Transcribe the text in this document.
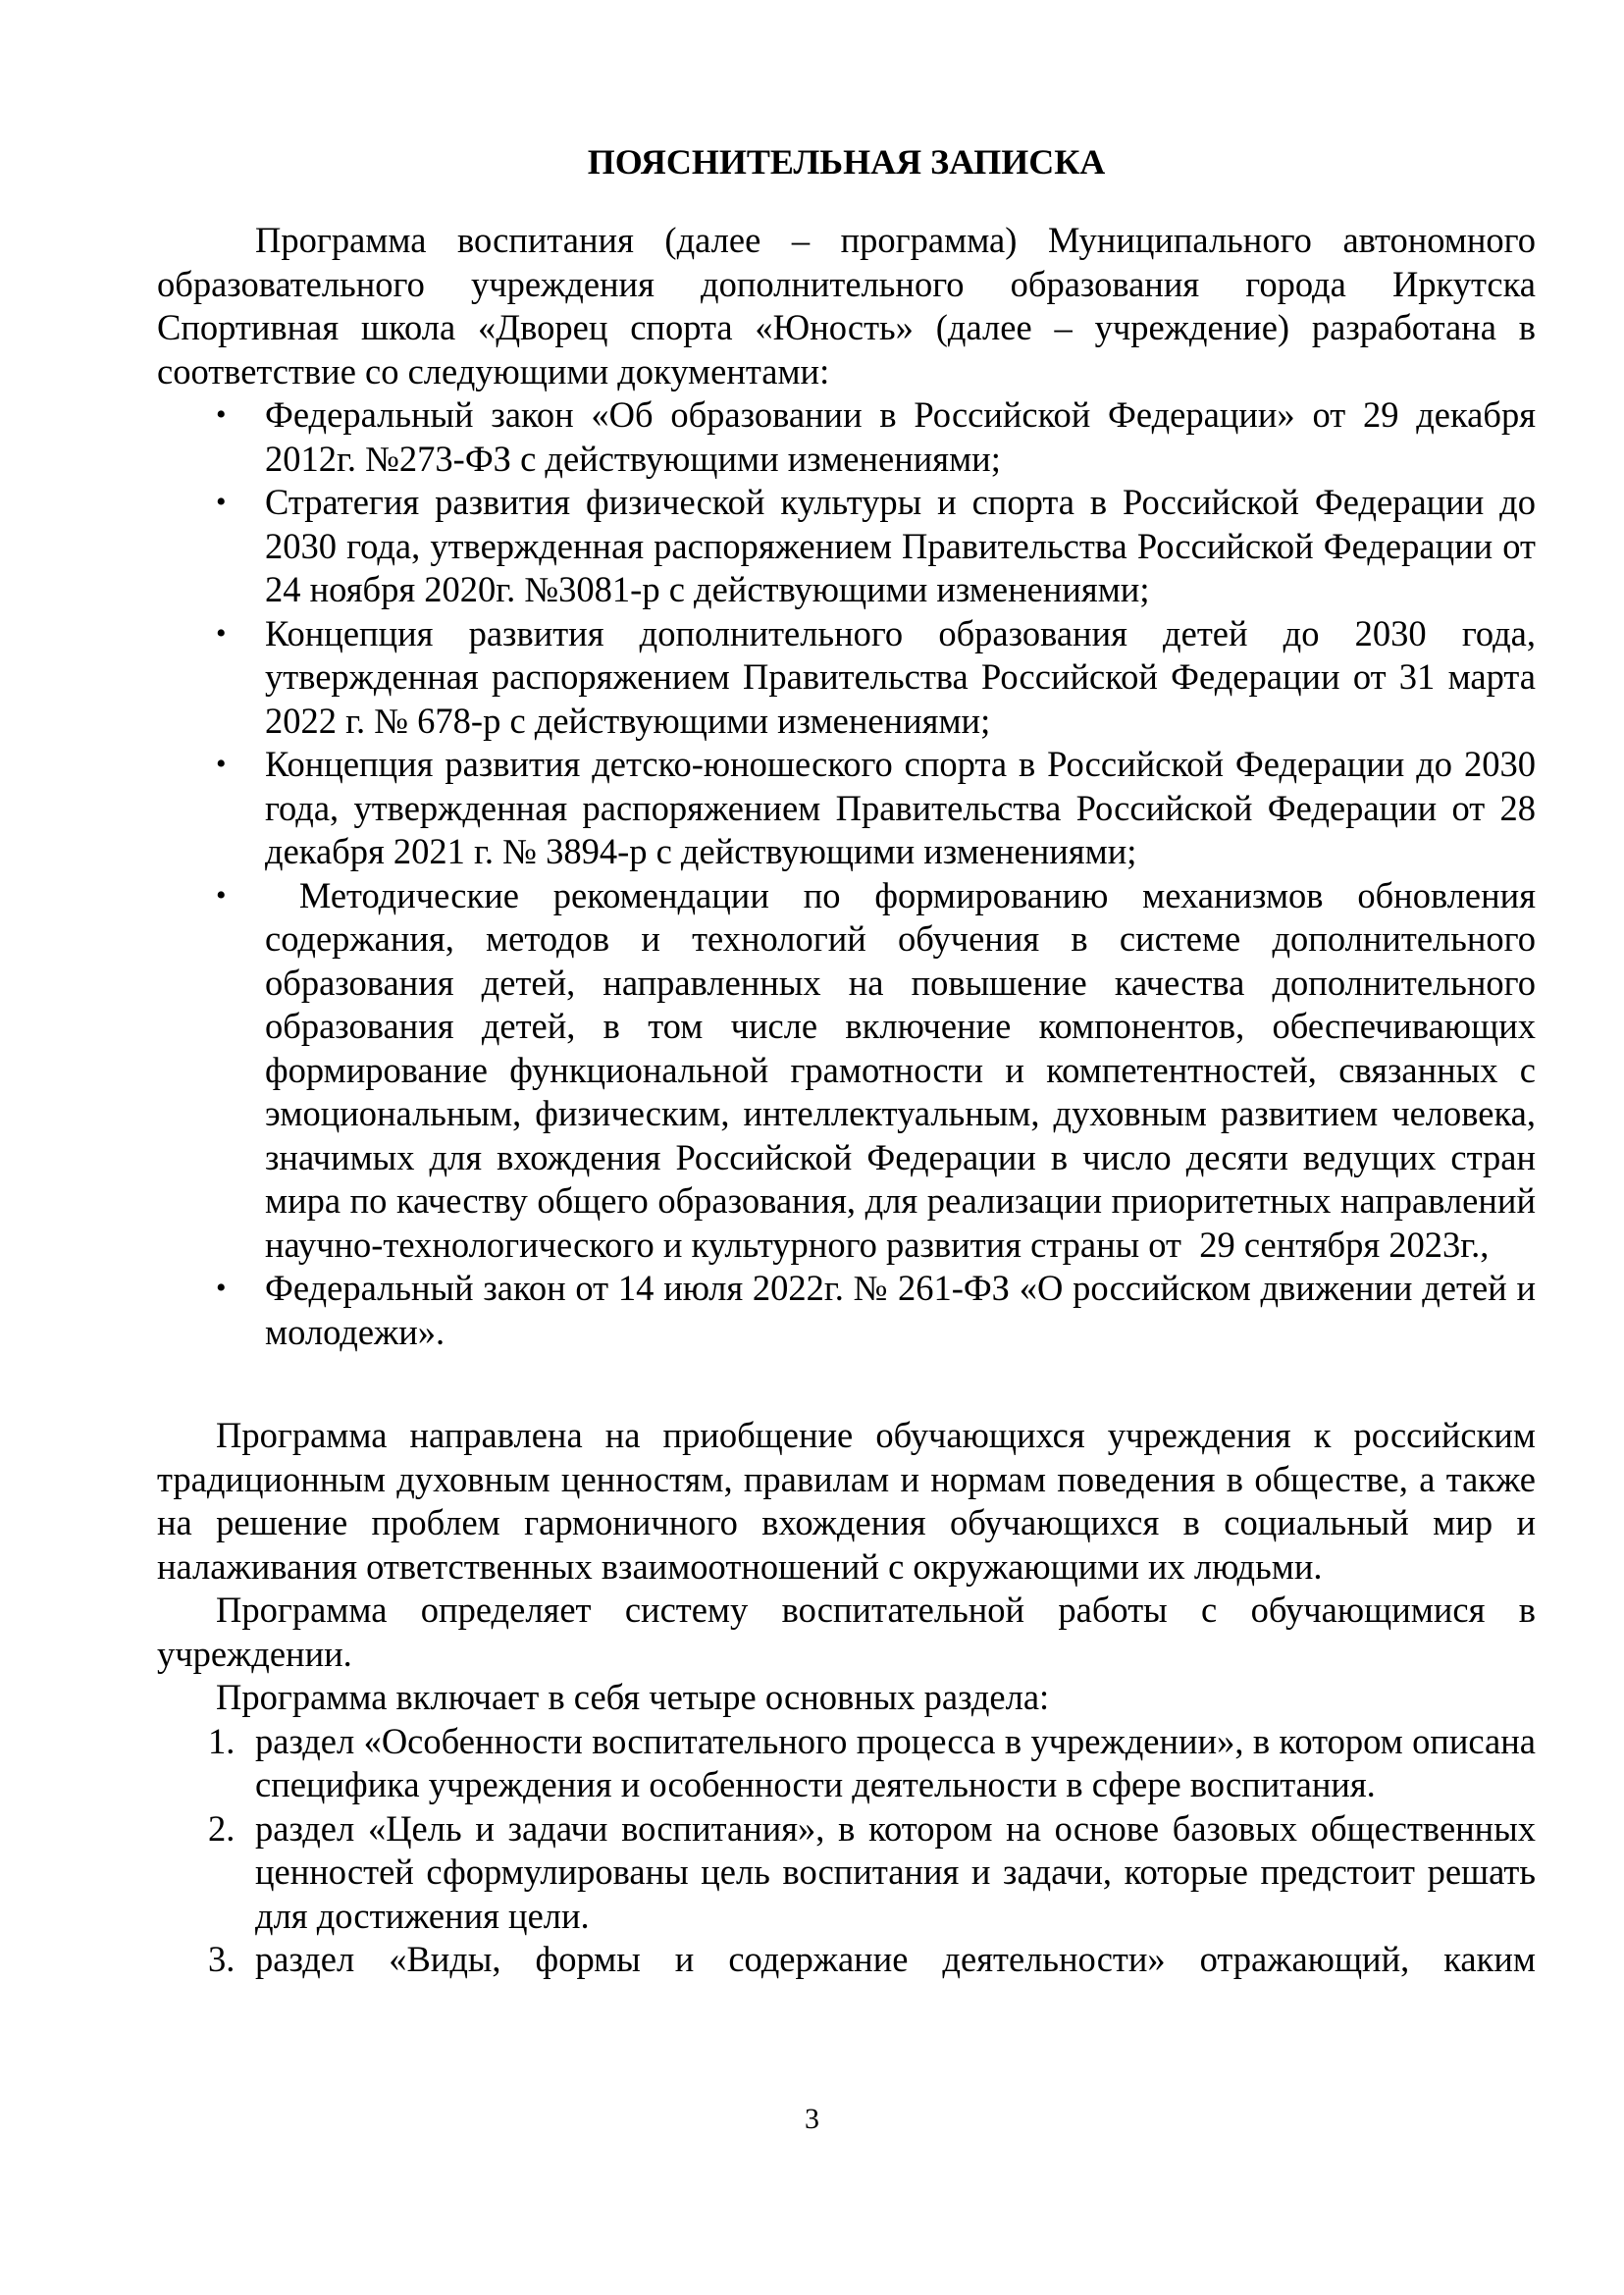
ПОЯСНИТЕЛЬНАЯ ЗАПИСКА

Программа воспитания (далее – программа) Муниципального автономного образовательного учреждения дополнительного образования города Иркутска Спортивная школа «Дворец спорта «Юность» (далее – учреждение) разработана в соответствие со следующими документами:

• Федеральный закон «Об образовании в Российской Федерации» от 29 декабря 2012г. №273-ФЗ с действующими изменениями;
• Стратегия развития физической культуры и спорта в Российской Федерации до 2030 года, утвержденная распоряжением Правительства Российской Федерации от 24 ноября 2020г. №3081-р с действующими изменениями;
• Концепция развития дополнительного образования детей до 2030 года, утвержденная распоряжением Правительства Российской Федерации от 31 марта 2022 г. № 678-р с действующими изменениями;
• Концепция развития детско-юношеского спорта в Российской Федерации до 2030 года, утвержденная распоряжением Правительства Российской Федерации от 28 декабря 2021 г. № 3894-р с действующими изменениями;
• Методические рекомендации по формированию механизмов обновления содержания, методов и технологий обучения в системе дополнительного образования детей, направленных на повышение качества дополнительного образования детей, в том числе включение компонентов, обеспечивающих формирование функциональной грамотности и компетентностей, связанных с эмоциональным, физическим, интеллектуальным, духовным развитием человека, значимых для вхождения Российской Федерации в число десяти ведущих стран мира по качеству общего образования, для реализации приоритетных направлений научно-технологического и культурного развития страны от  29 сентября 2023г.,
• Федеральный закон от 14 июля 2022г. № 261-ФЗ «О российском движении детей и молодежи».

Программа направлена на приобщение обучающихся учреждения к российским традиционным духовным ценностям, правилам и нормам поведения в обществе, а также на решение проблем гармоничного вхождения обучающихся в социальный мир и налаживания ответственных взаимоотношений с окружающими их людьми.

Программа определяет систему воспитательной работы с обучающимися в учреждении.

Программа включает в себя четыре основных раздела:

1. раздел «Особенности воспитательного процесса в учреждении», в котором описана специфика учреждения и особенности деятельности в сфере воспитания.
2. раздел «Цель и задачи воспитания», в котором на основе базовых общественных ценностей сформулированы цель воспитания и задачи, которые предстоит решать для достижения цели.
3. раздел «Виды, формы и содержание деятельности» отражающий, каким
3
